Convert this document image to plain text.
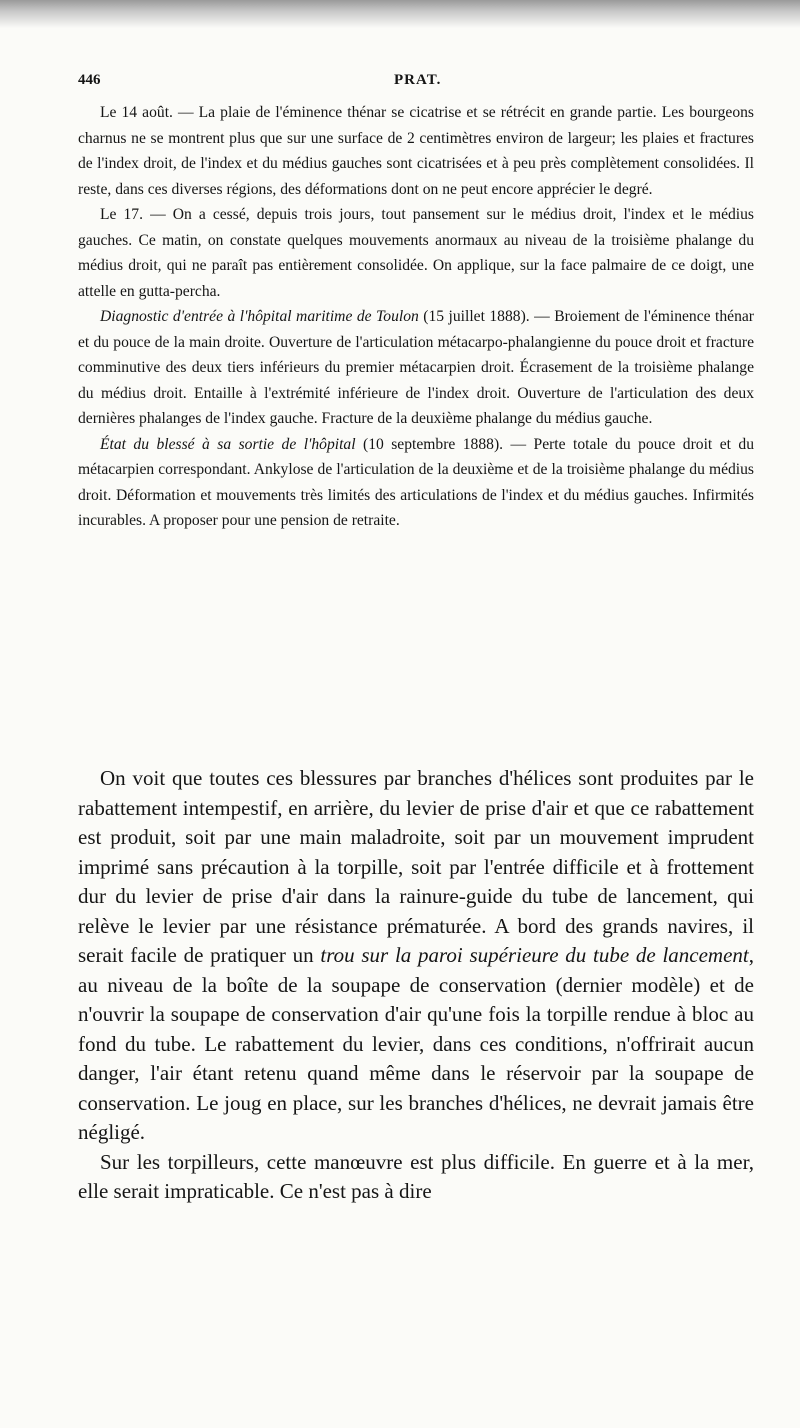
446	PRAT.

Le 14 août. — La plaie de l'éminence thénar se cicatrise et se rétrécit en grande partie. Les bourgeons charnus ne se montrent plus que sur une surface de 2 centimètres environ de largeur; les plaies et fractures de l'index droit, de l'index et du médius gauches sont cicatrisées et à peu près complètement consolidées. Il reste, dans ces diverses régions, des déformations dont on ne peut encore apprécier le degré.

Le 17. — On a cessé, depuis trois jours, tout pansement sur le médius droit, l'index et le médius gauches. Ce matin, on constate quelques mouvements anormaux au niveau de la troisième phalange du médius droit, qui ne paraît pas entièrement consolidée. On applique, sur la face palmaire de ce doigt, une attelle en gutta-percha.

Diagnostic d'entrée à l'hôpital maritime de Toulon (15 juillet 1888). — Broiement de l'éminence thénar et du pouce de la main droite. Ouverture de l'articulation métacarpo-phalangienne du pouce droit et fracture comminutive des deux tiers inférieurs du premier métacarpien droit. Écrasement de la troisième phalange du médius droit. Entaille à l'extrémité inférieure de l'index droit. Ouverture de l'articulation des deux dernières phalanges de l'index gauche. Fracture de la deuxième phalange du médius gauche.

État du blessé à sa sortie de l'hôpital (10 septembre 1888). — Perte totale du pouce droit et du métacarpien correspondant. Ankylose de l'articulation de la deuxième et de la troisième phalange du médius droit. Déformation et mouvements très limités des articulations de l'index et du médius gauches. Infirmités incurables. A proposer pour une pension de retraite.

On voit que toutes ces blessures par branches d'hélices sont produites par le rabattement intempestif, en arrière, du levier de prise d'air et que ce rabattement est produit, soit par une main maladroite, soit par un mouvement imprudent imprimé sans précaution à la torpille, soit par l'entrée difficile et à frottement dur du levier de prise d'air dans la rainure-guide du tube de lancement, qui relève le levier par une résistance prématurée. A bord des grands navires, il serait facile de pratiquer un trou sur la paroi supérieure du tube de lancement, au niveau de la boîte de la soupape de conservation (dernier modèle) et de n'ouvrir la soupape de conservation d'air qu'une fois la torpille rendue à bloc au fond du tube. Le rabattement du levier, dans ces conditions, n'offrirait aucun danger, l'air étant retenu quand même dans le réservoir par la soupape de conservation. Le joug en place, sur les branches d'hélices, ne devrait jamais être négligé.

Sur les torpilleurs, cette manœuvre est plus difficile. En guerre et à la mer, elle serait impraticable. Ce n'est pas à dire
